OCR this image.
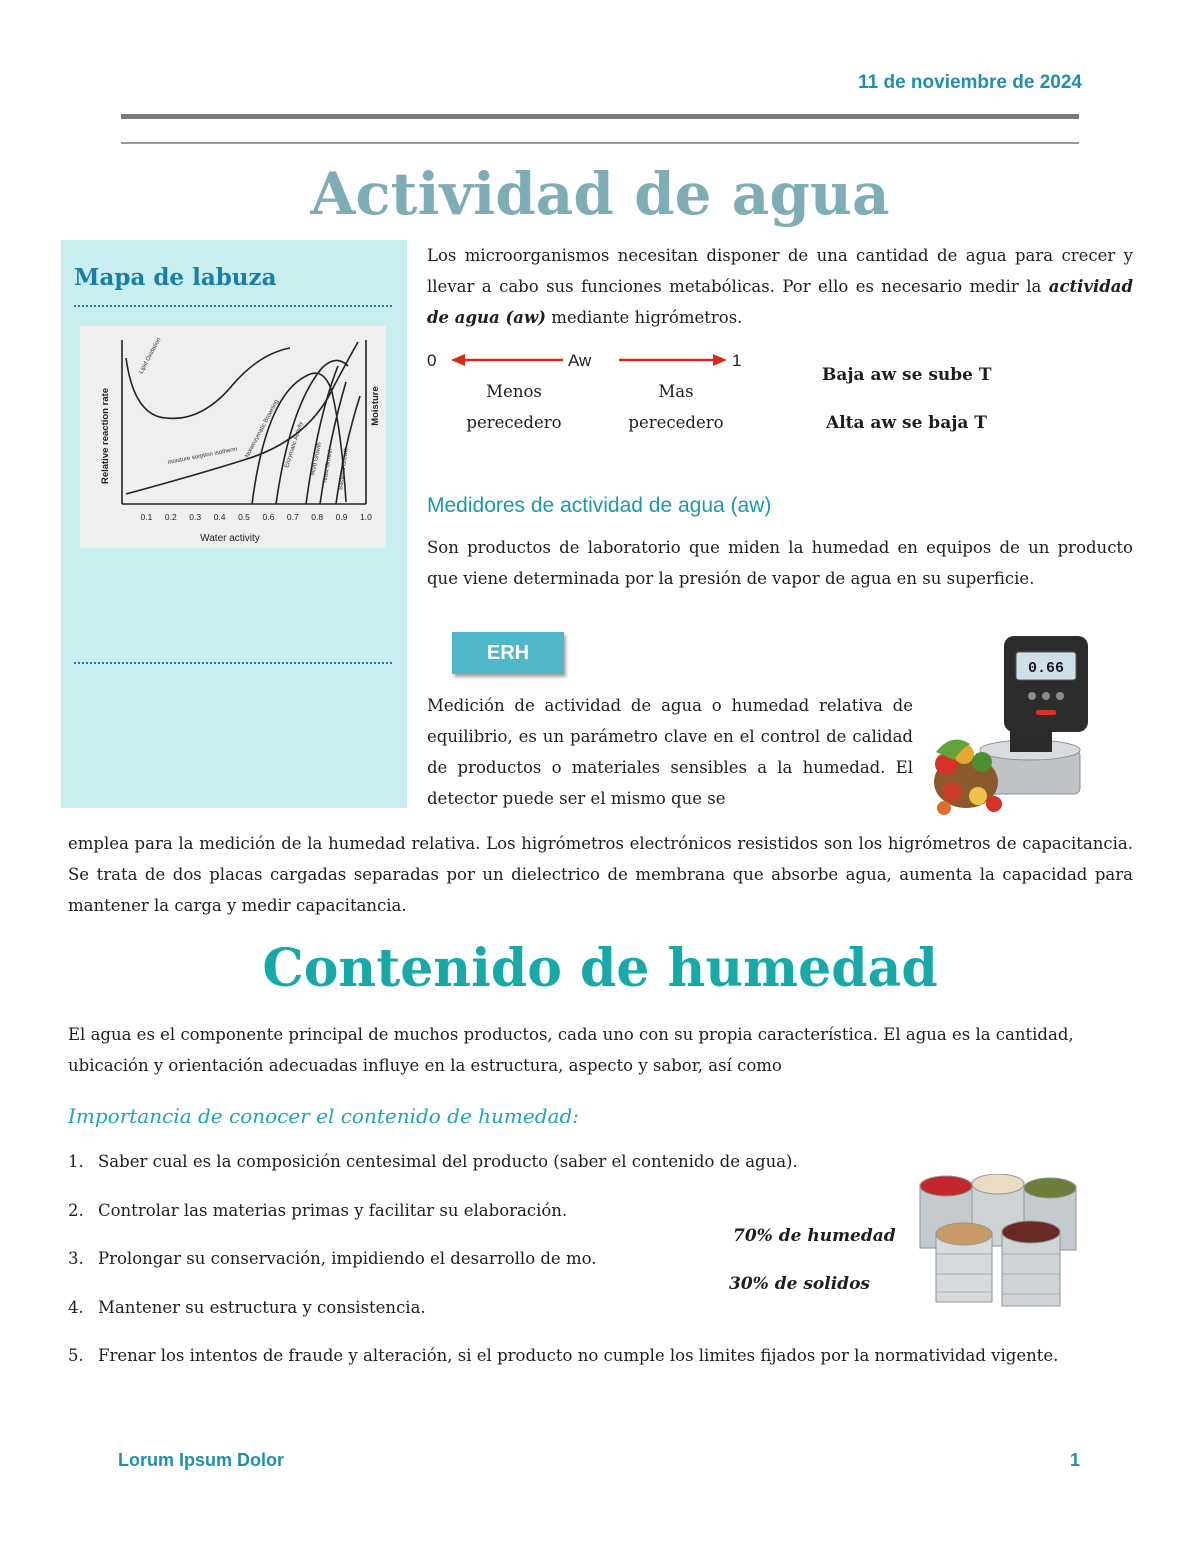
11 de noviembre de 2024
Actividad de agua
Mapa de labuza
0.1 0.2 0.3 0.4 0.5 0.6 0.7 0.8 0.9 1.0
Water activity
Relative reaction rate	Moisture
Lipid Oxidation
moisture sorption isotherm Nonenzymatic Browning Enzymatic Activity Mold Growth Yeast Growth Bacteria Growth
Los microorganismos necesitan disponer de una cantidad de agua para crecer y llevar a cabo sus funciones metabólicas. Por ello es necesario medir la actividad de agua (aw) mediante higrómetros.
0	Aw	1
Menos
perecedero
Mas
perecedero
Baja aw se sube T
Alta aw se baja T
Medidores de actividad de agua (aw)
Son productos de laboratorio que miden la humedad en equipos de un producto que viene determinada por la presión de vapor de agua en su superficie.
ERH
Medición de actividad de agua o humedad relativa de equilibrio, es un parámetro clave en el control de calidad de productos o materiales sensibles a la humedad. El detector puede ser el mismo que se
0.66
emplea para la medición de la humedad relativa. Los higrómetros electrónicos resistidos son los higrómetros de capacitancia. Se trata de dos placas cargadas separadas por un dielectrico de membrana que absorbe agua, aumenta la capacidad para mantener la carga y medir capacitancia.
Contenido de humedad
El agua es el componente principal de muchos productos, cada uno con su propia característica. El agua es la cantidad, ubicación y orientación adecuadas influye en la estructura, aspecto y sabor, así como
Importancia de conocer el contenido de humedad:
1. Saber cual es la composición centesimal del producto (saber el contenido de agua).
2. Controlar las materias primas y facilitar su elaboración.
3. Prolongar su conservación, impidiendo el desarrollo de mo.
4. Mantener su estructura y consistencia.
5. Frenar los intentos de fraude y alteración, si el producto no cumple los limites fijados por la normatividad vigente.
70% de humedad
30% de solidos
Lorum Ipsum Dolor	1
